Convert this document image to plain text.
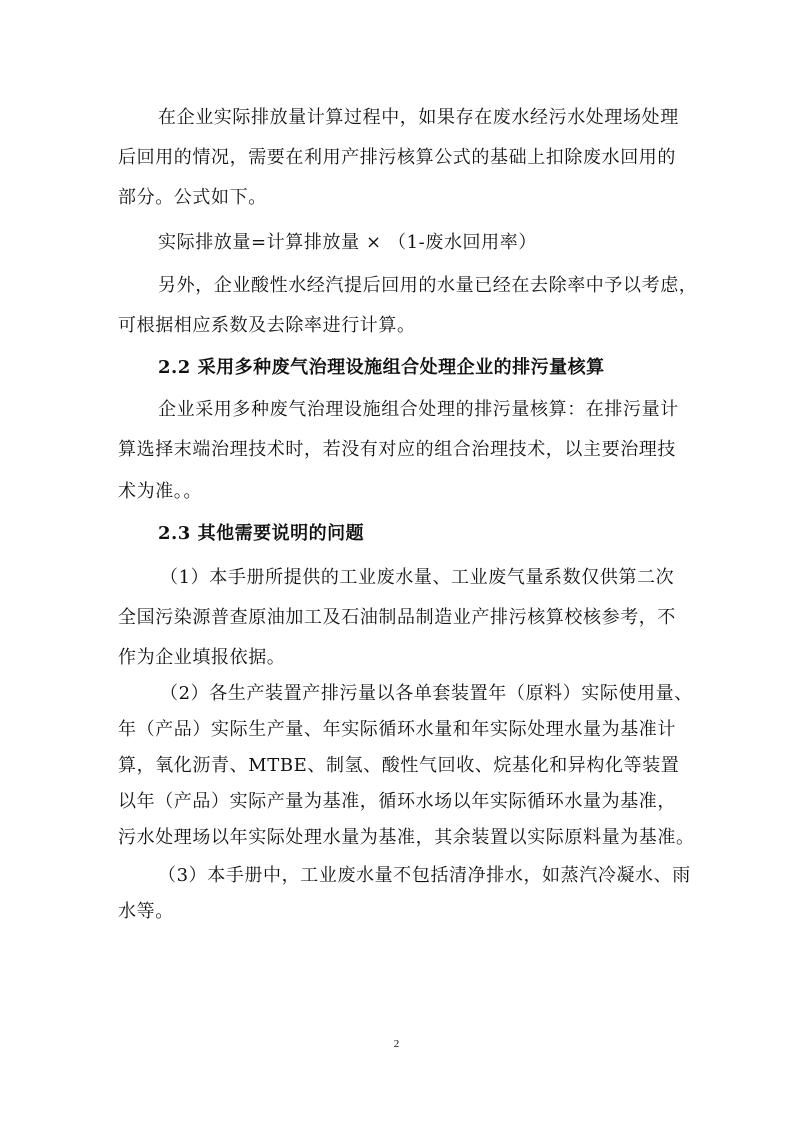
在企业实际排放量计算过程中，如果存在废水经污水处理场处理
后回用的情况，需要在利用产排污核算公式的基础上扣除废水回用的
部分。公式如下。
实际排放量=计算排放量 × （1-废水回用率）
另外，企业酸性水经汽提后回用的水量已经在去除率中予以考虑，
可根据相应系数及去除率进行计算。
2.2 采用多种废气治理设施组合处理企业的排污量核算
企业采用多种废气治理设施组合处理的排污量核算：在排污量计
算选择末端治理技术时，若没有对应的组合治理技术，以主要治理技
术为准。。
2.3 其他需要说明的问题
（1）本手册所提供的工业废水量、工业废气量系数仅供第二次
全国污染源普查原油加工及石油制品制造业产排污核算校核参考，不
作为企业填报依据。
（2）各生产装置产排污量以各单套装置年（原料）实际使用量、
年（产品）实际生产量、年实际循环水量和年实际处理水量为基准计
算，氧化沥青、MTBE、制氢、酸性气回收、烷基化和异构化等装置
以年（产品）实际产量为基准，循环水场以年实际循环水量为基准，
污水处理场以年实际处理水量为基准，其余装置以实际原料量为基准。
（3）本手册中，工业废水量不包括清净排水，如蒸汽冷凝水、雨
水等。
2
